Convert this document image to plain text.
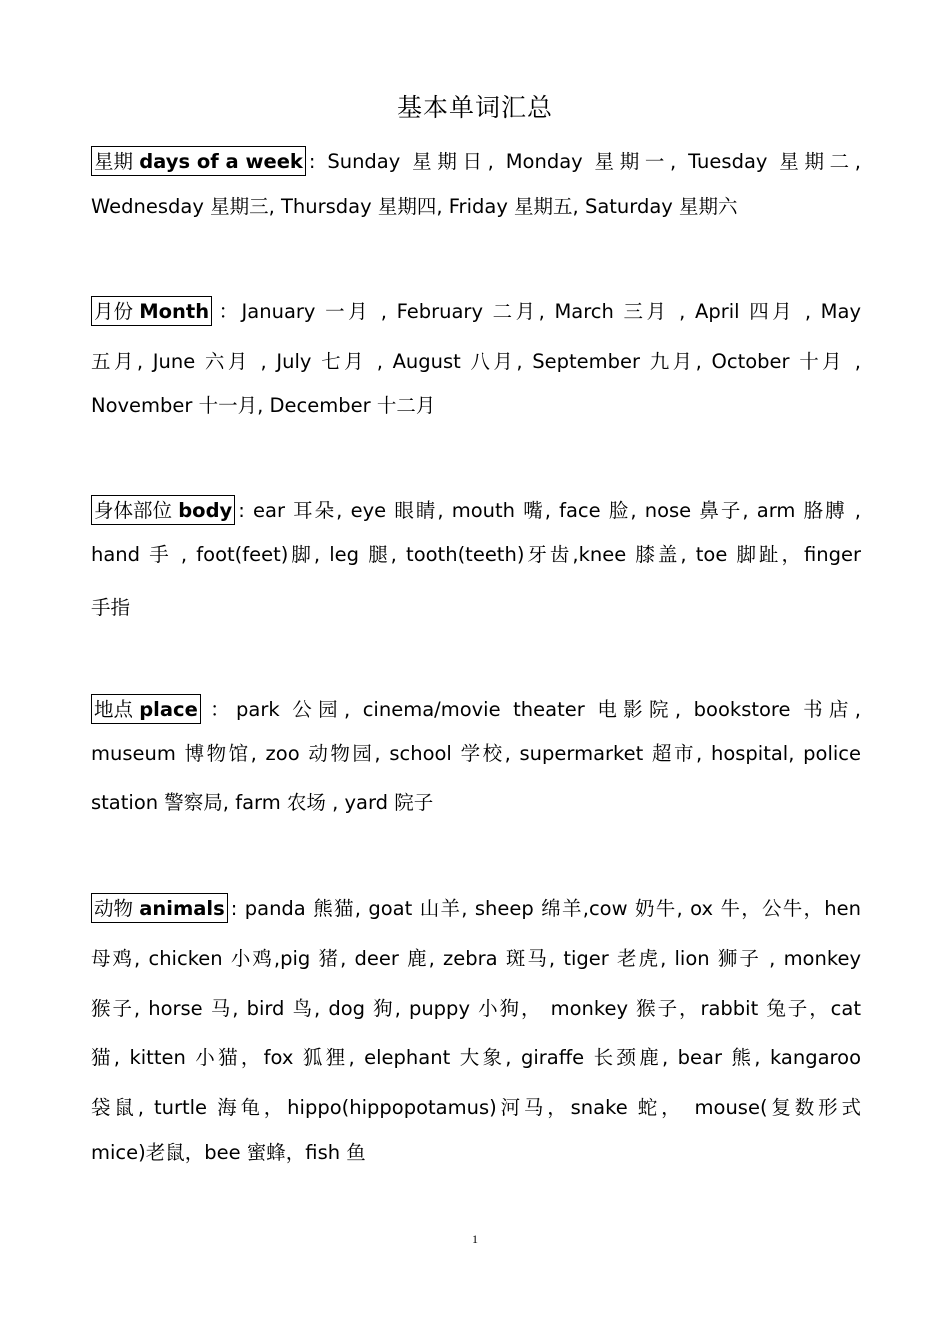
基本单词汇总
星期 days of a week : Sunday 星期日, Monday 星期一, Tuesday 星期二,
Wednesday 星期三, Thursday 星期四, Friday 星期五, Saturday 星期六
月份 Month ：January 一月 , February 二月, March 三月 , April 四月 , May
五月, June 六月 , July 七月 , August 八月, September 九月, October 十月 ,
November 十一月, December 十二月
身体部位 body : ear 耳朵, eye 眼睛, mouth 嘴, face 脸, nose 鼻子, arm 胳膊 ,
hand 手 , foot(feet)脚, leg 腿, tooth(teeth)牙齿,knee 膝盖, toe 脚趾，finger
手指
地点 place ：park 公园, cinema/movie theater 电影院, bookstore 书店,
museum 博物馆, zoo 动物园, school 学校, supermarket 超市, hospital, police
station 警察局, farm 农场 , yard 院子
动物 animals : panda 熊猫, goat 山羊, sheep 绵羊,cow 奶牛, ox 牛，公牛，hen
母鸡, chicken 小鸡,pig 猪, deer 鹿, zebra 斑马, tiger 老虎, lion 狮子 , monkey
猴子, horse 马, bird 鸟, dog 狗, puppy 小狗， monkey 猴子，rabbit 兔子，cat
猫, kitten 小猫，fox 狐狸, elephant 大象, giraffe 长颈鹿, bear 熊, kangaroo
袋鼠, turtle 海龟，hippo(hippopotamus)河马，snake 蛇， mouse(复数形式
mice)老鼠，bee 蜜蜂，fish 鱼
1
